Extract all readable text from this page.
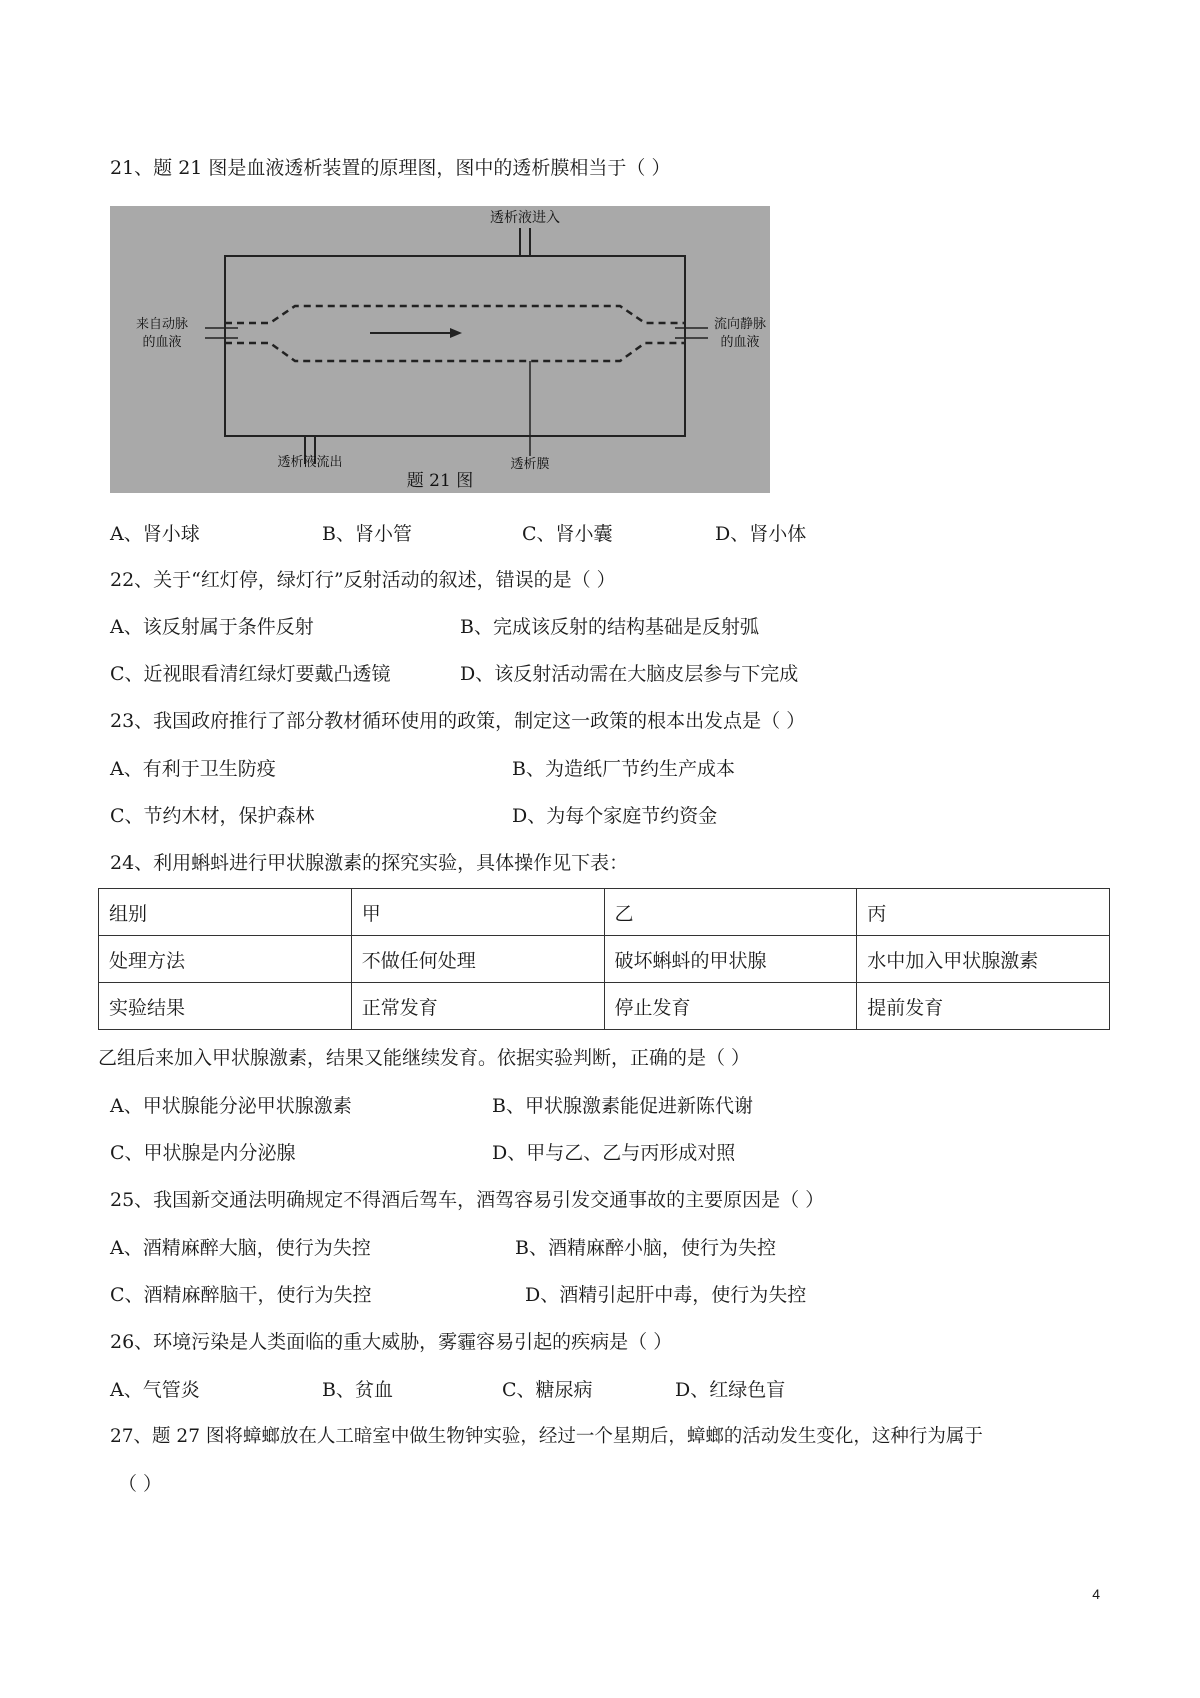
21、题 21 图是血液透析装置的原理图，图中的透析膜相当于（ ）
透析液进入
来自动脉
的血液
流向静脉
的血液
透析液流出	透析膜
题 21 图
A、肾小球	B、肾小管	C、肾小囊	D、肾小体
22、关于“红灯停，绿灯行”反射活动的叙述，错误的是（ ）
A、该反射属于条件反射	B、完成该反射的结构基础是反射弧
C、近视眼看清红绿灯要戴凸透镜	D、该反射活动需在大脑皮层参与下完成
23、我国政府推行了部分教材循环使用的政策，制定这一政策的根本出发点是（ ）
A、有利于卫生防疫	B、为造纸厂节约生产成本
C、节约木材，保护森林	D、为每个家庭节约资金
24、利用蝌蚪进行甲状腺激素的探究实验，具体操作见下表：
组别	甲	乙	丙
处理方法	不做任何处理	破坏蝌蚪的甲状腺	水中加入甲状腺激素
实验结果	正常发育	停止发育	提前发育
乙组后来加入甲状腺激素，结果又能继续发育。依据实验判断，正确的是（ ）
A、甲状腺能分泌甲状腺激素	B、甲状腺激素能促进新陈代谢
C、甲状腺是内分泌腺	D、甲与乙、乙与丙形成对照
25、我国新交通法明确规定不得酒后驾车，酒驾容易引发交通事故的主要原因是（ ）
A、酒精麻醉大脑，使行为失控	B、酒精麻醉小脑，使行为失控
C、酒精麻醉脑干，使行为失控	D、酒精引起肝中毒，使行为失控
26、环境污染是人类面临的重大威胁，雾霾容易引起的疾病是（ ）
A、气管炎	B、贫血	C、糖尿病	D、红绿色盲
27、题 27 图将蟑螂放在人工暗室中做生物钟实验，经过一个星期后，蟑螂的活动发生变化，这种行为属于
（ ）
4
